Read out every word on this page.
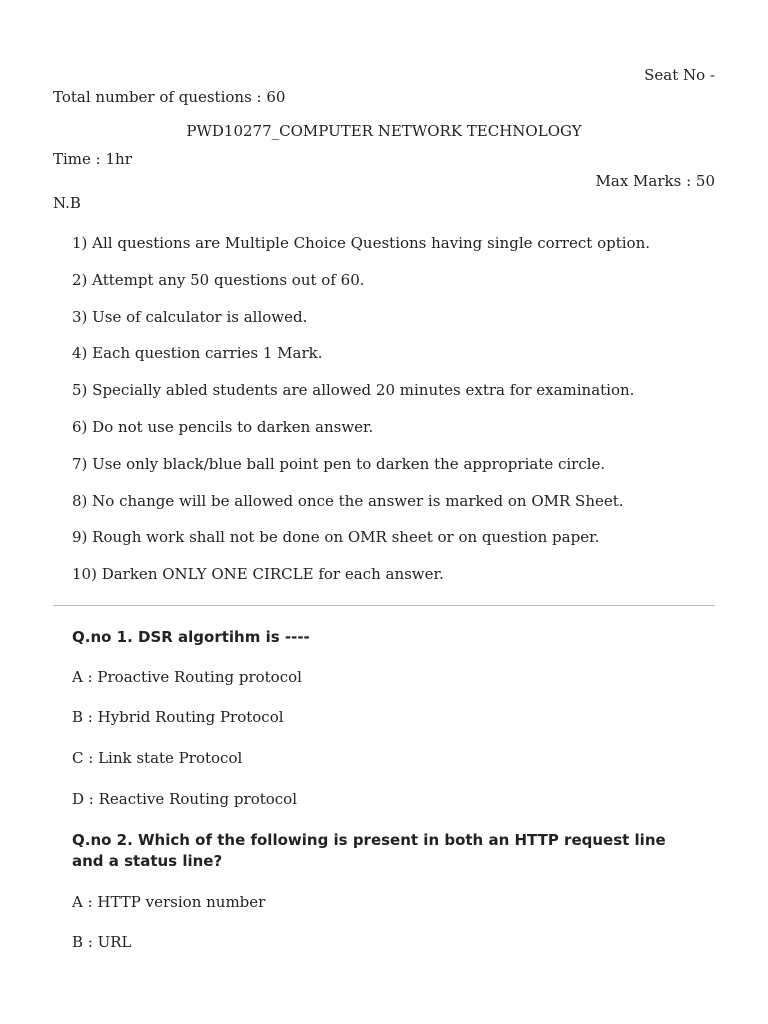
Seat No -
Total number of questions : 60
PWD10277_COMPUTER NETWORK TECHNOLOGY
Time : 1hr
Max Marks : 50
N.B
1) All questions are Multiple Choice Questions having single correct option.
2) Attempt any 50 questions out of 60.
3) Use of calculator is allowed.
4) Each question carries 1 Mark.
5) Specially abled students are allowed 20 minutes extra for examination.
6) Do not use pencils to darken answer.
7) Use only black/blue ball point pen to darken the appropriate circle.
8) No change will be allowed once the answer is marked on OMR Sheet.
9) Rough work shall not be done on OMR sheet or on question paper.
10) Darken ONLY ONE CIRCLE for each answer.
Q.no 1. DSR algortihm is ----
A : Proactive Routing protocol
B : Hybrid Routing Protocol
C : Link state Protocol
D : Reactive Routing protocol
Q.no 2. Which of the following is present in both an HTTP request line and a status line?
A : HTTP version number
B : URL
